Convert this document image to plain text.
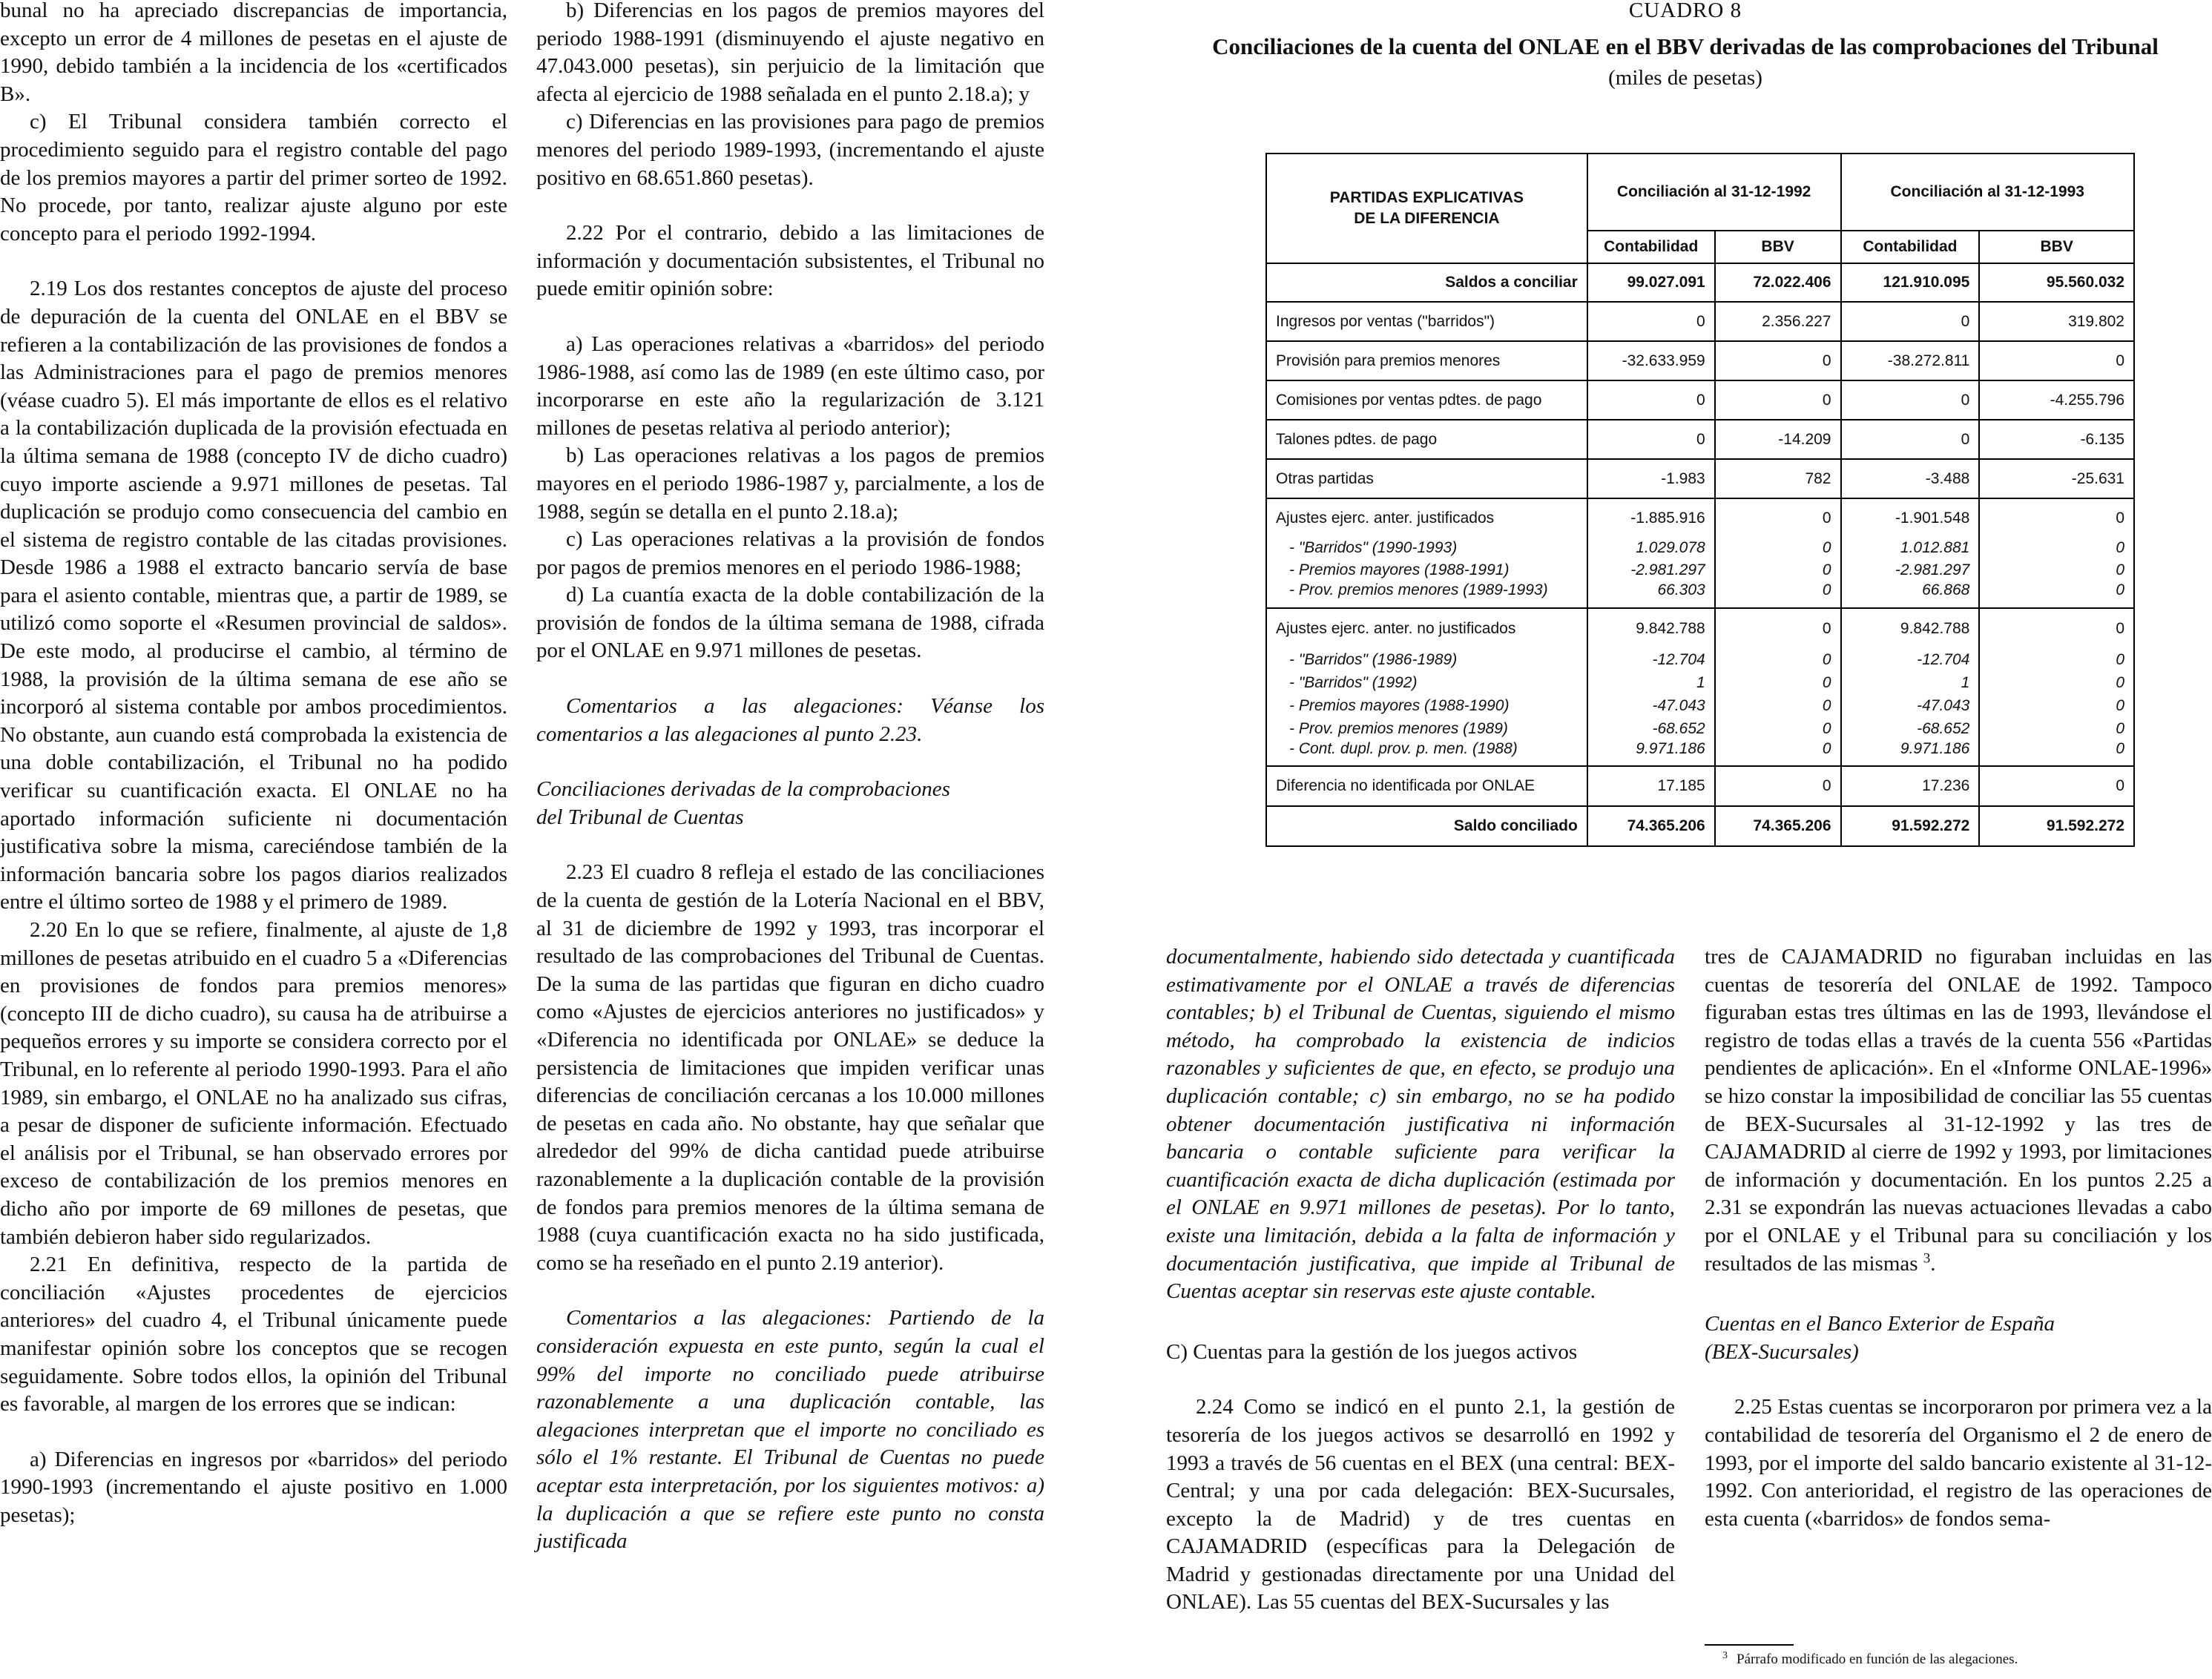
bunal no ha apreciado discrepancias de importancia, excepto un error de 4 millones de pesetas en el ajuste de 1990, debido también a la incidencia de los «certificados B».

c) El Tribunal considera también correcto el procedimiento seguido para el registro contable del pago de los premios mayores a partir del primer sorteo de 1992. No procede, por tanto, realizar ajuste alguno por este concepto para el periodo 1992-1994.

2.19 Los dos restantes conceptos de ajuste del proceso de depuración de la cuenta del ONLAE en el BBV se refieren a la contabilización de las provisiones de fondos a las Administraciones para el pago de premios menores (véase cuadro 5). El más importante de ellos es el relativo a la contabilización duplicada de la provisión efectuada en la última semana de 1988 (concepto IV de dicho cuadro) cuyo importe asciende a 9.971 millones de pesetas. Tal duplicación se produjo como consecuencia del cambio en el sistema de registro contable de las citadas provisiones. Desde 1986 a 1988 el extracto bancario servía de base para el asiento contable, mientras que, a partir de 1989, se utilizó como soporte el «Resumen provincial de saldos». De este modo, al producirse el cambio, al término de 1988, la provisión de la última semana de ese año se incorporó al sistema contable por ambos procedimientos. No obstante, aun cuando está comprobada la existencia de una doble contabilización, el Tribunal no ha podido verificar su cuantificación exacta. El ONLAE no ha aportado información suficiente ni documentación justificativa sobre la misma, careciéndose también de la información bancaria sobre los pagos diarios realizados entre el último sorteo de 1988 y el primero de 1989.

2.20 En lo que se refiere, finalmente, al ajuste de 1,8 millones de pesetas atribuido en el cuadro 5 a «Diferencias en provisiones de fondos para premios menores» (concepto III de dicho cuadro), su causa ha de atribuirse a pequeños errores y su importe se considera correcto por el Tribunal, en lo referente al periodo 1990-1993. Para el año 1989, sin embargo, el ONLAE no ha analizado sus cifras, a pesar de disponer de suficiente información. Efectuado el análisis por el Tribunal, se han observado errores por exceso de contabilización de los premios menores en dicho año por importe de 69 millones de pesetas, que también debieron haber sido regularizados.

2.21 En definitiva, respecto de la partida de conciliación «Ajustes procedentes de ejercicios anteriores» del cuadro 4, el Tribunal únicamente puede manifestar opinión sobre los conceptos que se recogen seguidamente. Sobre todos ellos, la opinión del Tribunal es favorable, al margen de los errores que se indican:

a) Diferencias en ingresos por «barridos» del periodo 1990-1993 (incrementando el ajuste positivo en 1.000 pesetas);

b) Diferencias en los pagos de premios mayores del periodo 1988-1991 (disminuyendo el ajuste negativo en 47.043.000 pesetas), sin perjuicio de la limitación que afecta al ejercicio de 1988 señalada en el punto 2.18.a); y

c) Diferencias en las provisiones para pago de premios menores del periodo 1989-1993, (incrementando el ajuste positivo en 68.651.860 pesetas).

2.22 Por el contrario, debido a las limitaciones de información y documentación subsistentes, el Tribunal no puede emitir opinión sobre:

a) Las operaciones relativas a «barridos» del periodo 1986-1988, así como las de 1989 (en este último caso, por incorporarse en este año la regularización de 3.121 millones de pesetas relativa al periodo anterior);

b) Las operaciones relativas a los pagos de premios mayores en el periodo 1986-1987 y, parcialmente, a los de 1988, según se detalla en el punto 2.18.a);

c) Las operaciones relativas a la provisión de fondos por pagos de premios menores en el periodo 1986-1988;

d) La cuantía exacta de la doble contabilización de la provisión de fondos de la última semana de 1988, cifrada por el ONLAE en 9.971 millones de pesetas.

Comentarios a las alegaciones: Véanse los comentarios a las alegaciones al punto 2.23.

Conciliaciones derivadas de la comprobaciones

del Tribunal de Cuentas

2.23 El cuadro 8 refleja el estado de las conciliaciones de la cuenta de gestión de la Lotería Nacional en el BBV, al 31 de diciembre de 1992 y 1993, tras incorporar el resultado de las comprobaciones del Tribunal de Cuentas. De la suma de las partidas que figuran en dicho cuadro como «Ajustes de ejercicios anteriores no justificados» y «Diferencia no identificada por ONLAE» se deduce la persistencia de limitaciones que impiden verificar unas diferencias de conciliación cercanas a los 10.000 millones de pesetas en cada año. No obstante, hay que señalar que alrededor del 99% de dicha cantidad puede atribuirse razonablemente a la duplicación contable de la provisión de fondos para premios menores de la última semana de 1988 (cuya cuantificación exacta no ha sido justificada, como se ha reseñado en el punto 2.19 anterior).

Comentarios a las alegaciones: Partiendo de la consideración expuesta en este punto, según la cual el 99% del importe no conciliado puede atribuirse razonablemente a una duplicación contable, las alegaciones interpretan que el importe no conciliado es sólo el 1% restante. El Tribunal de Cuentas no puede aceptar esta interpretación, por los siguientes motivos: a) la duplicación a que se refiere este punto no consta justificada

CUADRO 8
Conciliaciones de la cuenta del ONLAE en el BBV derivadas de las comprobaciones del Tribunal
(miles de pesetas)
PARTIDAS EXPLICATIVAS
DE LA DIFERENCIA	Conciliación al 31-12-1992		Conciliación al 31-12-1993	
	Contabilidad	BBV	Contabilidad	BBV
Saldos a conciliar	99.027.091	72.022.406	121.910.095	95.560.032
Ingresos por ventas ("barridos")	0	2.356.227	0	319.802
Provisión para premios menores	-32.633.959	0	-38.272.811	0
Comisiones por ventas pdtes. de pago	0	0	0	-4.255.796
Talones pdtes. de pago	0	-14.209	0	-6.135
Otras partidas	-1.983	782	-3.488	-25.631
Ajustes ejerc. anter. justificados	-1.885.916	0	-1.901.548	0
- "Barridos" (1990-1993)	1.029.078	0	1.012.881	0
- Premios mayores (1988-1991)	-2.981.297	0	-2.981.297	0
- Prov. premios menores (1989-1993)	66.303	0	66.868	0
Ajustes ejerc. anter. no justificados	9.842.788	0	9.842.788	0
- "Barridos" (1986-1989)	-12.704	0	-12.704	0
- "Barridos" (1992)	1	0	1	0
- Premios mayores (1988-1990)	-47.043	0	-47.043	0
- Prov. premios menores (1989)	-68.652	0	-68.652	0
- Cont. dupl. prov. p. men. (1988)	9.971.186	0	9.971.186	0
Diferencia no identificada por ONLAE	17.185	0	17.236	0
Saldo conciliado	74.365.206	74.365.206	91.592.272	91.592.272

documentalmente, habiendo sido detectada y cuantificada estimativamente por el ONLAE a través de diferencias contables; b) el Tribunal de Cuentas, siguiendo el mismo método, ha comprobado la existencia de indicios razonables y suficientes de que, en efecto, se produjo una duplicación contable; c) sin embargo, no se ha podido obtener documentación justificativa ni información bancaria o contable suficiente para verificar la cuantificación exacta de dicha duplicación (estimada por el ONLAE en 9.971 millones de pesetas). Por lo tanto, existe una limitación, debida a la falta de información y documentación justificativa, que impide al Tribunal de Cuentas aceptar sin reservas este ajuste contable.

C) Cuentas para la gestión de los juegos activos

2.24 Como se indicó en el punto 2.1, la gestión de tesorería de los juegos activos se desarrolló en 1992 y 1993 a través de 56 cuentas en el BEX (una central: BEX-Central; y una por cada delegación: BEX-Sucursales, excepto la de Madrid) y de tres cuentas en CAJAMADRID (específicas para la Delegación de Madrid y gestionadas directamente por una Unidad del ONLAE). Las 55 cuentas del BEX-Sucursales y las

tres de CAJAMADRID no figuraban incluidas en las cuentas de tesorería del ONLAE de 1992. Tampoco figuraban estas tres últimas en las de 1993, llevándose el registro de todas ellas a través de la cuenta 556 «Partidas pendientes de aplicación». En el «Informe ONLAE-1996» se hizo constar la imposibilidad de conciliar las 55 cuentas de BEX-Sucursales al 31-12-1992 y las tres de CAJAMADRID al cierre de 1992 y 1993, por limitaciones de información y documentación. En los puntos 2.25 a 2.31 se expondrán las nuevas actuaciones llevadas a cabo por el ONLAE y el Tribunal para su conciliación y los resultados de las mismas $^3$.

Cuentas en el Banco Exterior de España

(BEX-Sucursales)

2.25 Estas cuentas se incorporaron por primera vez a la contabilidad de tesorería del Organismo el 2 de enero de 1993, por el importe del saldo bancario existente al 31-12-1992. Con anterioridad, el registro de las operaciones de esta cuenta («barridos» de fondos sema-

$^3$ Párrafo modificado en función de las alegaciones.
